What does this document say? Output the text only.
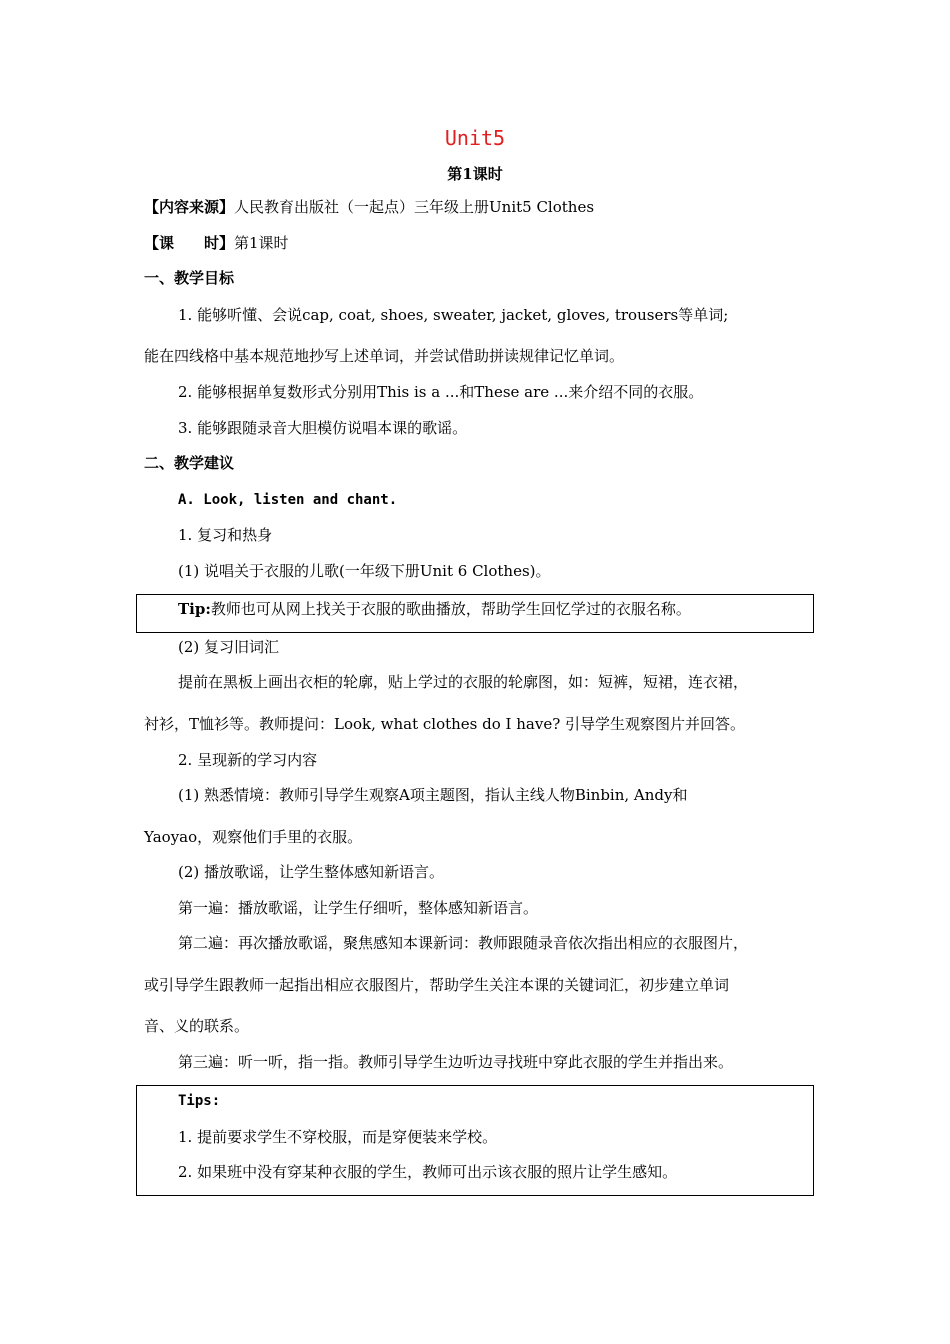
Unit5
第1课时
【内容来源】人民教育出版社（一起点）三年级上册Unit5 Clothes
【课　　时】第1课时
一、教学目标
1. 能够听懂、会说cap, coat, shoes, sweater, jacket, gloves, trousers等单词;
能在四线格中基本规范地抄写上述单词，并尝试借助拼读规律记忆单词。
2. 能够根据单复数形式分别用This is a ...和These are ...来介绍不同的衣服。
3. 能够跟随录音大胆模仿说唱本课的歌谣。
二、教学建议
A. Look, listen and chant.
1. 复习和热身
(1) 说唱关于衣服的儿歌(一年级下册Unit 6 Clothes)。
Tip:教师也可从网上找关于衣服的歌曲播放，帮助学生回忆学过的衣服名称。
(2) 复习旧词汇
提前在黑板上画出衣柜的轮廓，贴上学过的衣服的轮廓图，如：短裤，短裙，连衣裙，
衬衫，T恤衫等。教师提问：Look, what clothes do I have? 引导学生观察图片并回答。
2. 呈现新的学习内容
(1) 熟悉情境：教师引导学生观察A项主题图，指认主线人物Binbin, Andy和
Yaoyao，观察他们手里的衣服。
(2) 播放歌谣，让学生整体感知新语言。
第一遍：播放歌谣，让学生仔细听，整体感知新语言。
第二遍：再次播放歌谣，聚焦感知本课新词：教师跟随录音依次指出相应的衣服图片，
或引导学生跟教师一起指出相应衣服图片，帮助学生关注本课的关键词汇，初步建立单词
音、义的联系。
第三遍：听一听，指一指。教师引导学生边听边寻找班中穿此衣服的学生并指出来。
Tips:
1. 提前要求学生不穿校服，而是穿便装来学校。
2. 如果班中没有穿某种衣服的学生，教师可出示该衣服的照片让学生感知。
